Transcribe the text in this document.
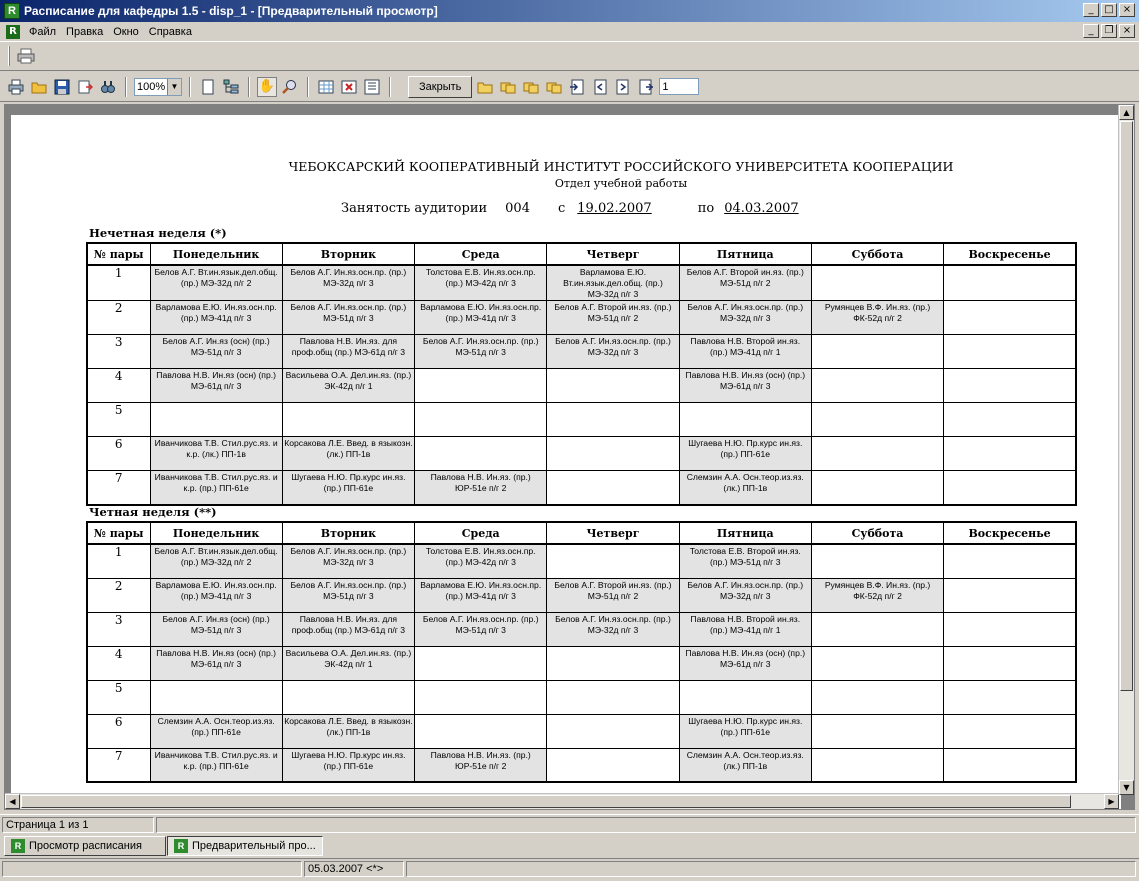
R Расписание для кафедры 1.5 - disp_1 - [Предварительный просмотр]	_	□ ×
R	Файл Правка Окно Справка	_	❐ ×
100% ▼	✋	Закрыть
1
ЧЕБОКСАРСКИЙ КООПЕРАТИВНЫЙ ИНСТИТУТ РОССИЙСКОГО УНИВЕРСИТЕТА КООПЕРАЦИИ
Отдел учебной работы
Занятость аудитории 004 с 19.02.2007	по 04.03.2007
Нечетная неделя (*)
№ пары	Понедельник	Вторник	Среда	Четверг	Пятница	Суббота	Воскресенье
1	Белов А.Г. Вт.ин.язык.дел.общ. (пр.) МЭ-32д п/г 2	Белов А.Г. Ин.яз.осн.пр. (пр.) МЭ-32д п/г 3	Толстова Е.В. Ин.яз.осн.пр. (пр.) МЭ-42д п/г 3	Варламова Е.Ю. Вт.ин.язык.дел.общ. (пр.) МЭ-32д п/г 3	Белов А.Г. Второй ин.яз. (пр.) МЭ-51д п/г 2		
2	Варламова Е.Ю. Ин.яз.осн.пр. (пр.) МЭ-41д п/г 3	Белов А.Г. Ин.яз.осн.пр. (пр.) МЭ-51д п/г 3	Варламова Е.Ю. Ин.яз.осн.пр. (пр.) МЭ-41д п/г 3	Белов А.Г. Второй ин.яз. (пр.) МЭ-51д п/г 2	Белов А.Г. Ин.яз.осн.пр. (пр.) МЭ-32д п/г 3	Румянцев В.Ф. Ин.яз. (пр.) ФК-52д п/г 2	
3	Белов А.Г. Ин.яз (осн) (пр.) МЭ-51д п/г 3	Павлова Н.В. Ин.яз. для проф.общ (пр.) МЭ-61д п/г 3	Белов А.Г. Ин.яз.осн.пр. (пр.) МЭ-51д п/г 3	Белов А.Г. Ин.яз.осн.пр. (пр.) МЭ-32д п/г 3	Павлова Н.В. Второй ин.яз. (пр.) МЭ-41д п/г 1		
4	Павлова Н.В. Ин.яз (осн) (пр.) МЭ-61д п/г 3	Васильева О.А. Дел.ин.яз. (пр.) ЭК-42д п/г 1			Павлова Н.В. Ин.яз (осн) (пр.) МЭ-61д п/г 3		
5							
6	Иванчикова Т.В. Стил.рус.яз. и к.р. (лк.) ПП-1в	Корсакова Л.Е. Введ. в языкозн. (лк.) ПП-1в			Шугаева Н.Ю. Пр.курс ин.яз. (пр.) ПП-61е		
7	Иванчикова Т.В. Стил.рус.яз. и к.р. (пр.) ПП-61е	Шугаева Н.Ю. Пр.курс ин.яз. (пр.) ПП-61е	Павлова Н.В. Ин.яз. (пр.) ЮР-51е п/г 2		Слемзин А.А. Осн.теор.из.яз. (лк.) ПП-1в		
Четная неделя (**)
№ пары	Понедельник	Вторник	Среда	Четверг	Пятница	Суббота	Воскресенье
1	Белов А.Г. Вт.ин.язык.дел.общ. (пр.) МЭ-32д п/г 2	Белов А.Г. Ин.яз.осн.пр. (пр.) МЭ-32д п/г 3	Толстова Е.В. Ин.яз.осн.пр. (пр.) МЭ-42д п/г 3		Толстова Е.В. Второй ин.яз. (пр.) МЭ-51д п/г 3		
2	Варламова Е.Ю. Ин.яз.осн.пр. (пр.) МЭ-41д п/г 3	Белов А.Г. Ин.яз.осн.пр. (пр.) МЭ-51д п/г 3	Варламова Е.Ю. Ин.яз.осн.пр. (пр.) МЭ-41д п/г 3	Белов А.Г. Второй ин.яз. (пр.) МЭ-51д п/г 2	Белов А.Г. Ин.яз.осн.пр. (пр.) МЭ-32д п/г 3	Румянцев В.Ф. Ин.яз. (пр.) ФК-52д п/г 2	
3	Белов А.Г. Ин.яз (осн) (пр.) МЭ-51д п/г 3	Павлова Н.В. Ин.яз. для проф.общ (пр.) МЭ-61д п/г 3	Белов А.Г. Ин.яз.осн.пр. (пр.) МЭ-51д п/г 3	Белов А.Г. Ин.яз.осн.пр. (пр.) МЭ-32д п/г 3	Павлова Н.В. Второй ин.яз. (пр.) МЭ-41д п/г 1		
4	Павлова Н.В. Ин.яз (осн) (пр.) МЭ-61д п/г 3	Васильева О.А. Дел.ин.яз. (пр.) ЭК-42д п/г 1			Павлова Н.В. Ин.яз (осн) (пр.) МЭ-61д п/г 3		
5							
6	Слемзин А.А. Осн.теор.из.яз. (пр.) ПП-61е	Корсакова Л.Е. Введ. в языкозн. (лк.) ПП-1в			Шугаева Н.Ю. Пр.курс ин.яз. (пр.) ПП-61е		
7	Иванчикова Т.В. Стил.рус.яз. и к.р. (пр.) ПП-61е	Шугаева Н.Ю. Пр.курс ин.яз. (пр.) ПП-61е	Павлова Н.В. Ин.яз. (пр.) ЮР-51е п/г 2		Слемзин А.А. Осн.теор.из.яз. (лк.) ПП-1в		
▲
▼
◀	▶
Страница 1 из 1
R Просмотр расписания	R Предварительный про...
05.03.2007 <*>
